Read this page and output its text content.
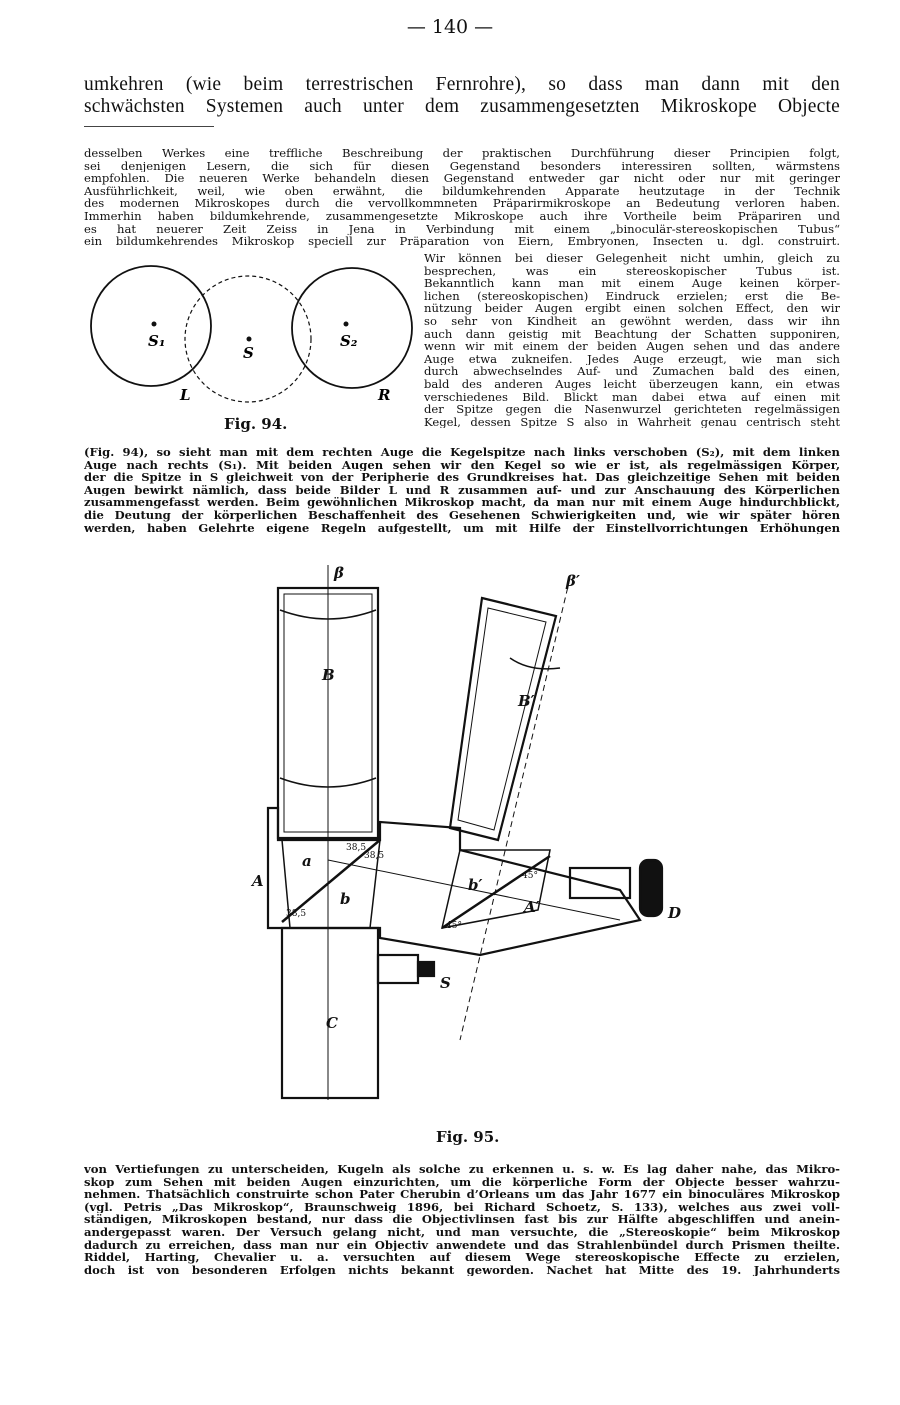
— 140 —
umkehren (wie beim terrestrischen Fernrohre), so dass man dann mit den
schwächsten Systemen auch unter dem zusammengesetzten Mikroskope Objecte
desselben Werkes eine treffliche Beschreibung der praktischen Durchführung dieser Principien folgt,
sei denjenigen Lesern, die sich für diesen Gegenstand besonders interessiren sollten, wärmstens
empfohlen. Die neueren Werke behandeln diesen Gegenstand entweder gar nicht oder nur mit geringer
Ausführlichkeit, weil, wie oben erwähnt, die bildumkehrenden Apparate heutzutage in der Technik
des modernen Mikroskopes durch die vervollkommneten Präparirmikroskope an Bedeutung verloren haben.
Immerhin haben bildumkehrende, zusammengesetzte Mikroskope auch ihre Vortheile beim Präpariren und
es hat neuerer Zeit Zeiss in Jena in Verbindung mit einem „binoculär-stereoskopischen Tubus“
ein bildumkehrendes Mikroskop speciell zur Präparation von Eiern, Embryonen, Insecten u. dgl. construirt.
Wir können bei dieser Gelegenheit nicht umhin, gleich zu
besprechen, was ein stereoskopischer Tubus ist.
Bekanntlich kann man mit einem Auge keinen körper-
lichen (stereoskopischen) Eindruck erzielen; erst die Be-
nützung beider Augen ergibt einen solchen Effect, den wir
so sehr von Kindheit an gewöhnt werden, dass wir ihn
auch dann geistig mit Beachtung der Schatten supponiren,
wenn wir mit einem der beiden Augen sehen und das andere
Auge etwa zukneifen. Jedes Auge erzeugt, wie man sich
durch abwechselndes Auf- und Zumachen bald des einen,
bald des anderen Auges leicht überzeugen kann, ein etwas
verschiedenes Bild. Blickt man dabei etwa auf einen mit
der Spitze gegen die Nasenwurzel gerichteten regelmässigen
Kegel, dessen Spitze S also in Wahrheit genau centrisch steht
S₁
S
S₂
L	R
Fig. 94.
(Fig. 94), so sieht man mit dem rechten Auge die Kegelspitze nach links verschoben (S₂), mit dem linken
Auge nach rechts (S₁). Mit beiden Augen sehen wir den Kegel so wie er ist, als regelmässigen Körper,
der die Spitze in S gleichweit von der Peripherie des Grundkreises hat. Das gleichzeitige Sehen mit beiden
Augen bewirkt nämlich, dass beide Bilder L und R zusammen auf- und zur Anschauung des Körperlichen
zusammengefasst werden. Beim gewöhnlichen Mikroskop macht, da man nur mit einem Auge hindurchblickt,
die Deutung der körperlichen Beschaffenheit des Gesehenen Schwierigkeiten und, wie wir später hören
werden, haben Gelehrte eigene Regeln aufgestellt, um mit Hilfe der Einstellvorrichtungen Erhöhungen
β	β′
B
B′
a
b
b′
A
A′
C
S
D
38,5
38,5
38,5
45°
45°
Fig. 95.
von Vertiefungen zu unterscheiden, Kugeln als solche zu erkennen u. s. w. Es lag daher nahe, das Mikro-
skop zum Sehen mit beiden Augen einzurichten, um die körperliche Form der Objecte besser wahrzu-
nehmen. Thatsächlich construirte schon Pater Cherubin d’Orleans um das Jahr 1677 ein binoculäres Mikroskop
(vgl. Petris „Das Mikroskop“, Braunschweig 1896, bei Richard Schoetz, S. 133), welches aus zwei voll-
ständigen, Mikroskopen bestand, nur dass die Objectivlinsen fast bis zur Hälfte abgeschliffen und anein-
andergepasst waren. Der Versuch gelang nicht, und man versuchte, die „Stereoskopie“ beim Mikroskop
dadurch zu erreichen, dass man nur ein Objectiv anwendete und das Strahlenbündel durch Prismen theilte.
Riddel, Harting, Chevalier u. a. versuchten auf diesem Wege stereoskopische Effecte zu erzielen,
doch ist von besonderen Erfolgen nichts bekannt geworden. Nachet hat Mitte des 19. Jahrhunderts
